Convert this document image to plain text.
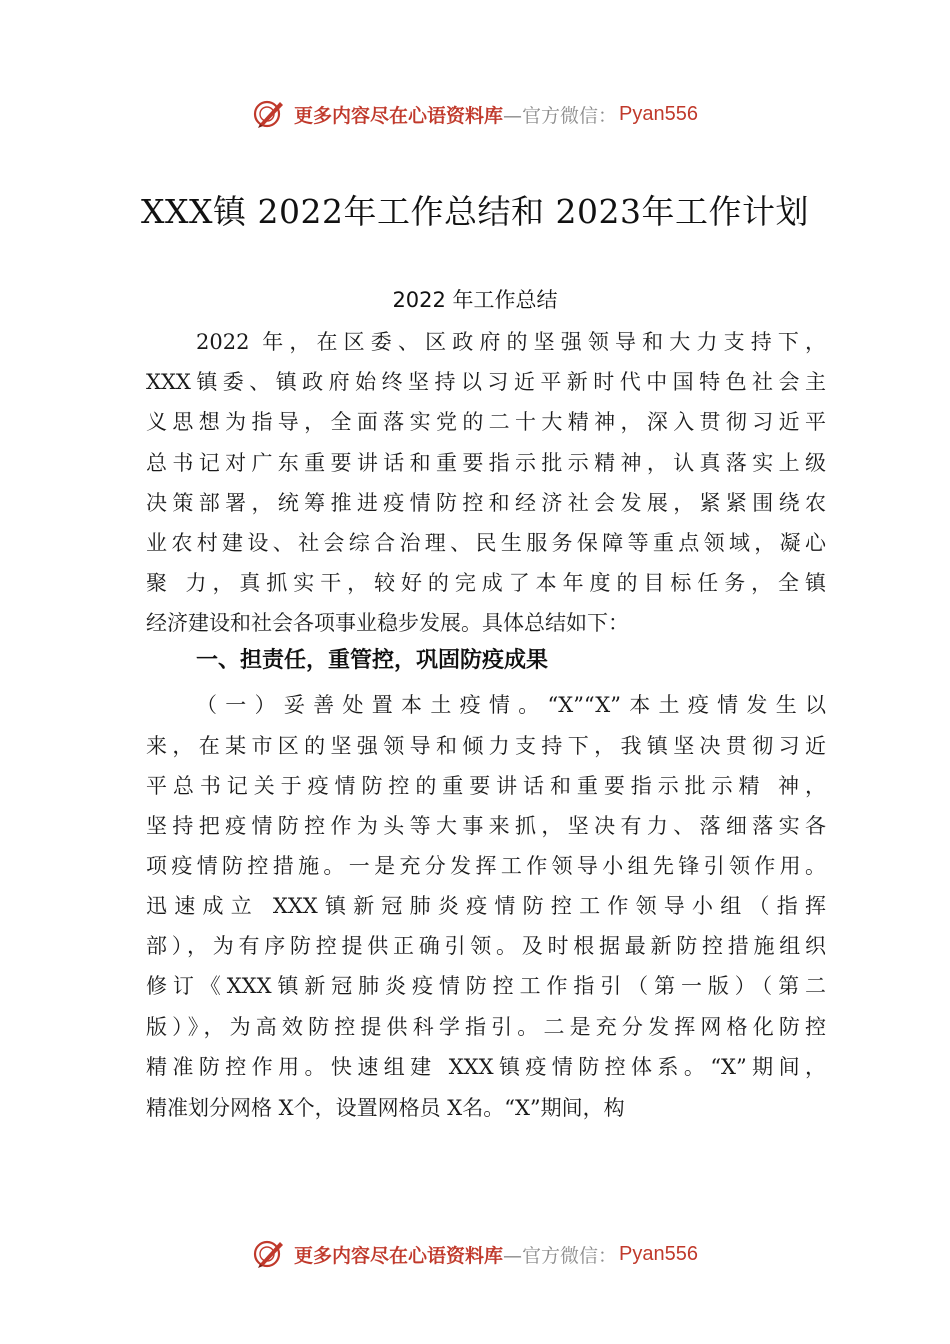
更多内容尽在心语资料库 —官方微信： Pyan556
XXX镇 2022年工作总结和 2023年工作计划
2022 年工作总结
2022 年，在区委、区政府的坚强领导和大力支持下，
XXX镇委、镇政府始终坚持以习近平新时代中国特色社会主
义思想为指导，全面落实党的二十大精神，深入贯彻习近平
总书记对广东重要讲话和重要指示批示精神，认真落实上级
决策部署，统筹推进疫情防控和经济社会发展，紧紧围绕农
业农村建设、社会综合治理、民生服务保障等重点领域，凝心
聚 力，真抓实干，较好的完成了本年度的目标任务，全镇
经济建设和社会各项事业稳步发展。具体总结如下：
一、担责任，重管控，巩固防疫成果
（一）妥善处置本土疫情。“X”“X”本土疫情发生以
来，在某市区的坚强领导和倾力支持下，我镇坚决贯彻习近
平总书记关于疫情防控的重要讲话和重要指示批示精 神，
坚持把疫情防控作为头等大事来抓，坚决有力、落细落实各
项疫情防控措施。一是充分发挥工作领导小组先锋引领作用。
迅速成立 XXX镇新冠肺炎疫情防控工作领导小组（指挥
部），为有序防控提供正确引领。及时根据最新防控措施组织
修订《XXX镇新冠肺炎疫情防控工作指引（第一版）（第二
版）》，为高效防控提供科学指引。二是充分发挥网格化防控
精准防控作用。快速组建 XXX镇疫情防控体系。“X”期间，
精准划分网格 X个，设置网格员 X名。“X”期间，构
更多内容尽在心语资料库 —官方微信： Pyan556
